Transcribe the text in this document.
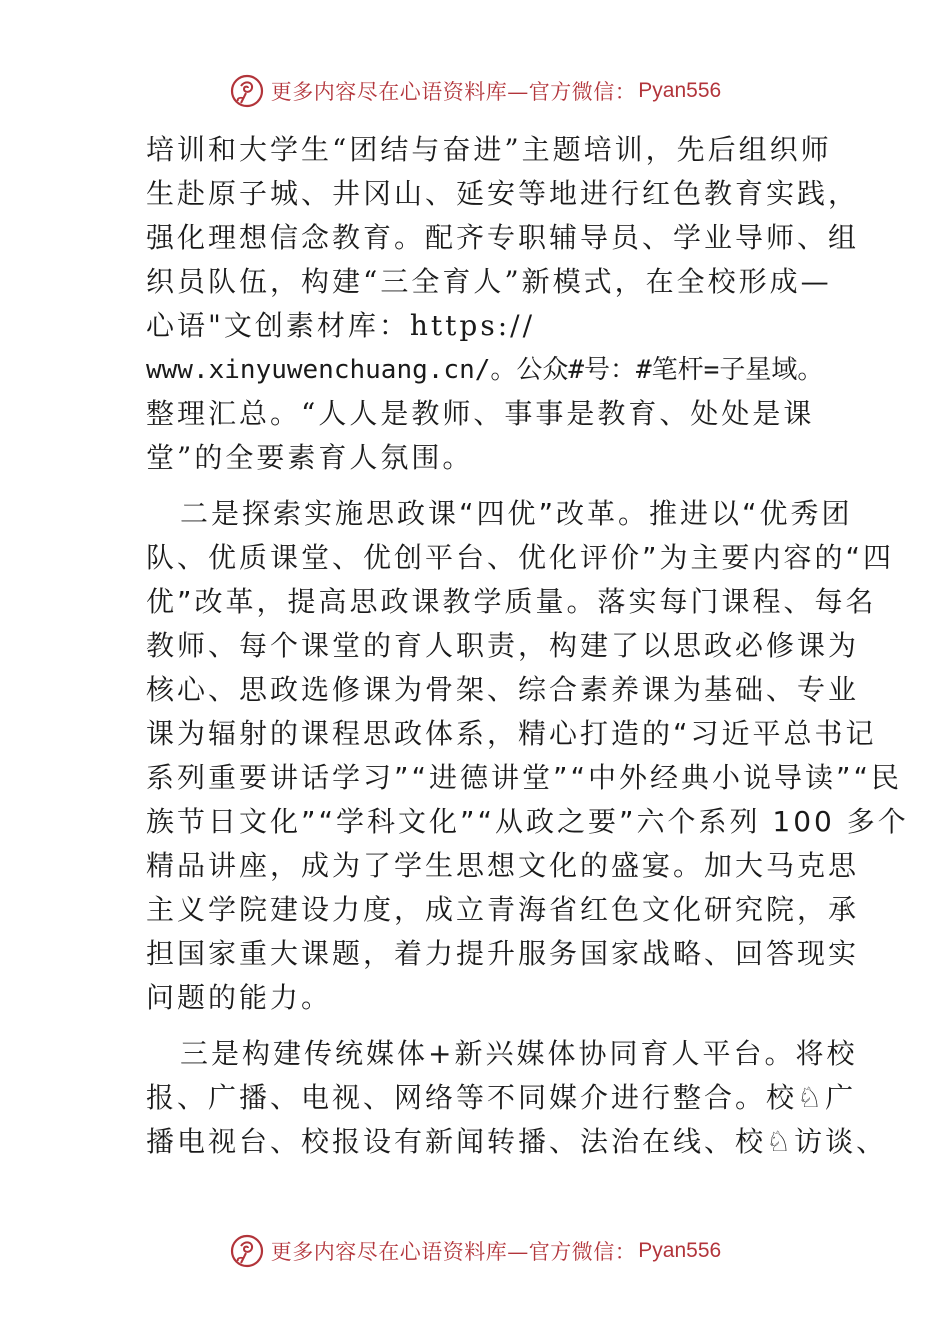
更多内容尽在心语资料库—官方微信： Pyan556
培训和大学生“团结与奋进”主题培训，先后组织师
生赴原子城、井冈山、延安等地进行红色教育实践，
强化理想信念教育。配齐专职辅导员、学业导师、组
织员队伍，构建“三全育人”新模式，在全校形成—
心语"文创素材库：https://
www.xinyuwenchuang.cn/。公众#号：#笔杆=子星域。
整理汇总。“人人是教师、事事是教育、处处是课
堂”的全要素育人氛围。
二是探索实施思政课“四优”改革。推进以“优秀团
队、优质课堂、优创平台、优化评价”为主要内容的“四
优”改革，提高思政课教学质量。落实每门课程、每名
教师、每个课堂的育人职责，构建了以思政必修课为
核心、思政选修课为骨架、综合素养课为基础、专业
课为辐射的课程思政体系，精心打造的“习近平总书记
系列重要讲话学习”“进德讲堂”“中外经典小说导读”“民
族节日文化”“学科文化”“从政之要”六个系列 100 多个
精品讲座，成为了学生思想文化的盛宴。加大马克思
主义学院建设力度，成立青海省红色文化研究院，承
担国家重大课题，着力提升服务国家战略、回答现实
问题的能力。
三是构建传统媒体+新兴媒体协同育人平台。将校
报、广播、电视、网络等不同媒介进行整合。校♘广
播电视台、校报设有新闻转播、法治在线、校♘访谈、
更多内容尽在心语资料库—官方微信： Pyan556
